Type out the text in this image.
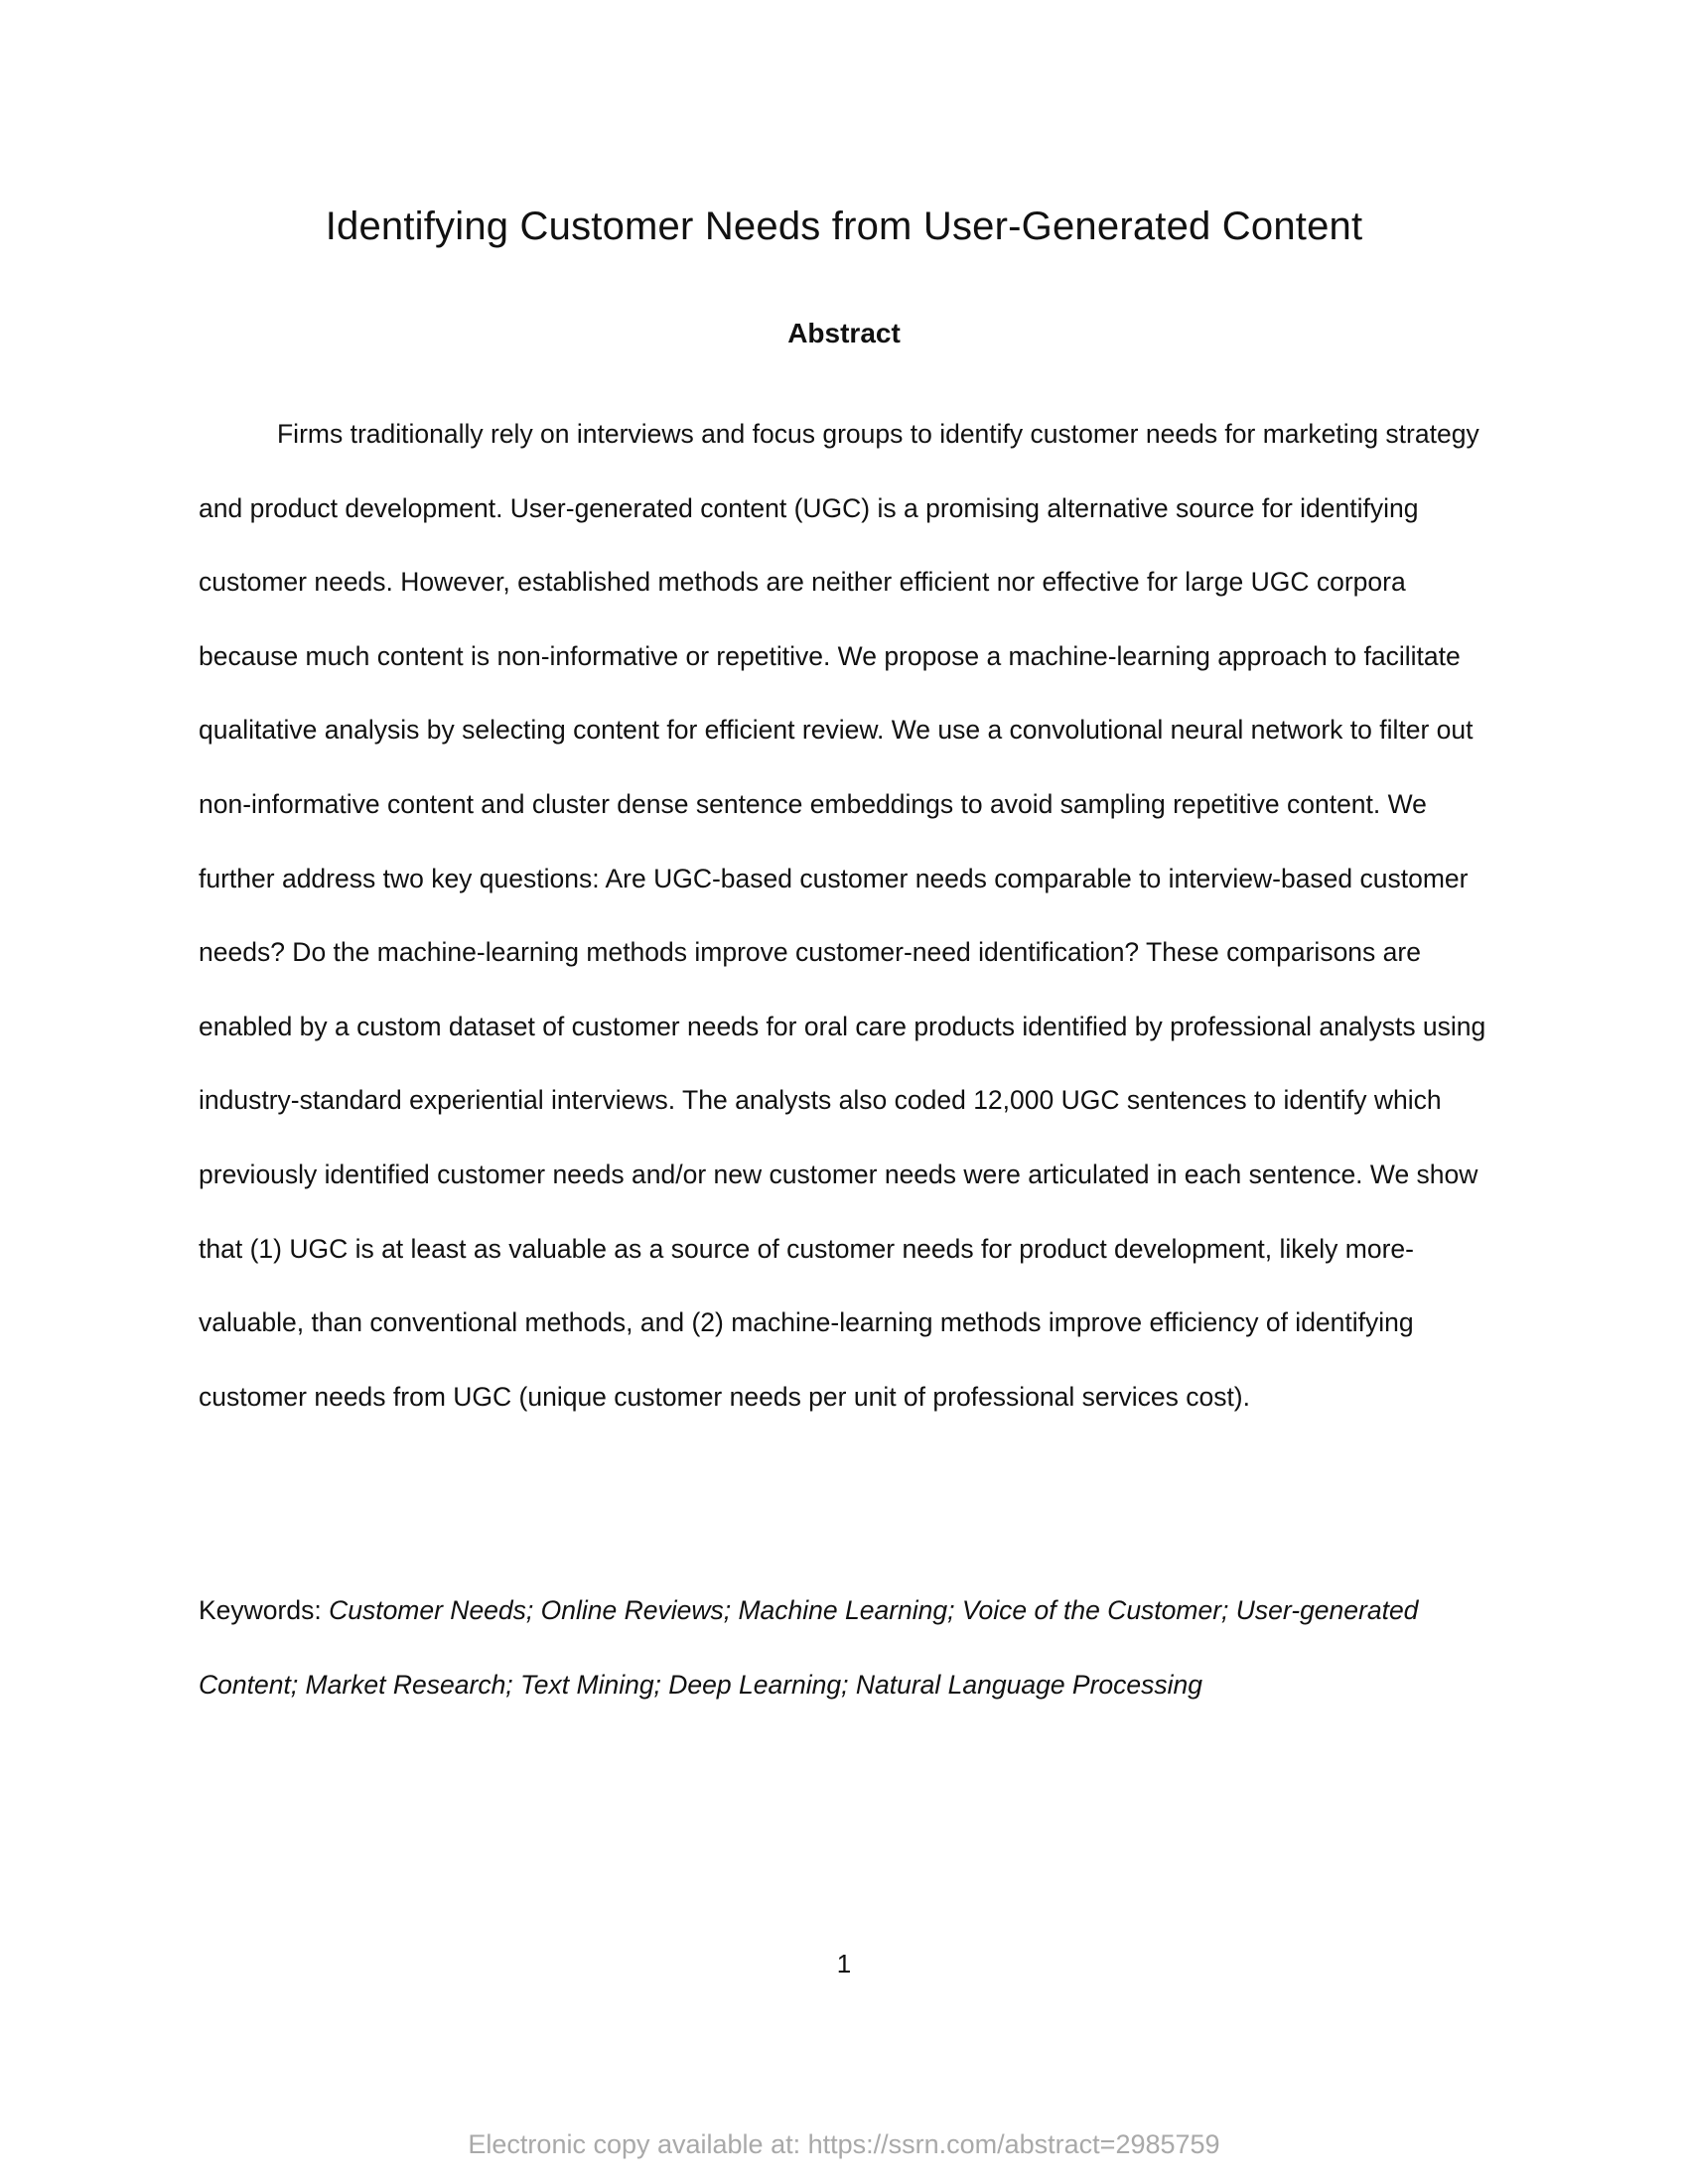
Identifying Customer Needs from User-Generated Content
Abstract

Firms traditionally rely on interviews and focus groups to identify customer needs for marketing strategy and product development. User-generated content (UGC) is a promising alternative source for identifying customer needs. However, established methods are neither efficient nor effective for large UGC corpora because much content is non-informative or repetitive. We propose a machine-learning approach to facilitate qualitative analysis by selecting content for efficient review. We use a convolutional neural network to filter out non-informative content and cluster dense sentence embeddings to avoid sampling repetitive content. We further address two key questions: Are UGC-based customer needs comparable to interview-based customer needs? Do the machine-learning methods improve customer-need identification? These comparisons are enabled by a custom dataset of customer needs for oral care products identified by professional analysts using industry-standard experiential interviews. The analysts also coded 12,000 UGC sentences to identify which previously identified customer needs and/or new customer needs were articulated in each sentence. We show that (1) UGC is at least as valuable as a source of customer needs for product development, likely more-valuable, than conventional methods, and (2) machine-learning methods improve efficiency of identifying customer needs from UGC (unique customer needs per unit of professional services cost).

Keywords: Customer Needs; Online Reviews; Machine Learning; Voice of the Customer; User-generated Content; Market Research; Text Mining; Deep Learning; Natural Language Processing

1
Electronic copy available at: https://ssrn.com/abstract=2985759
